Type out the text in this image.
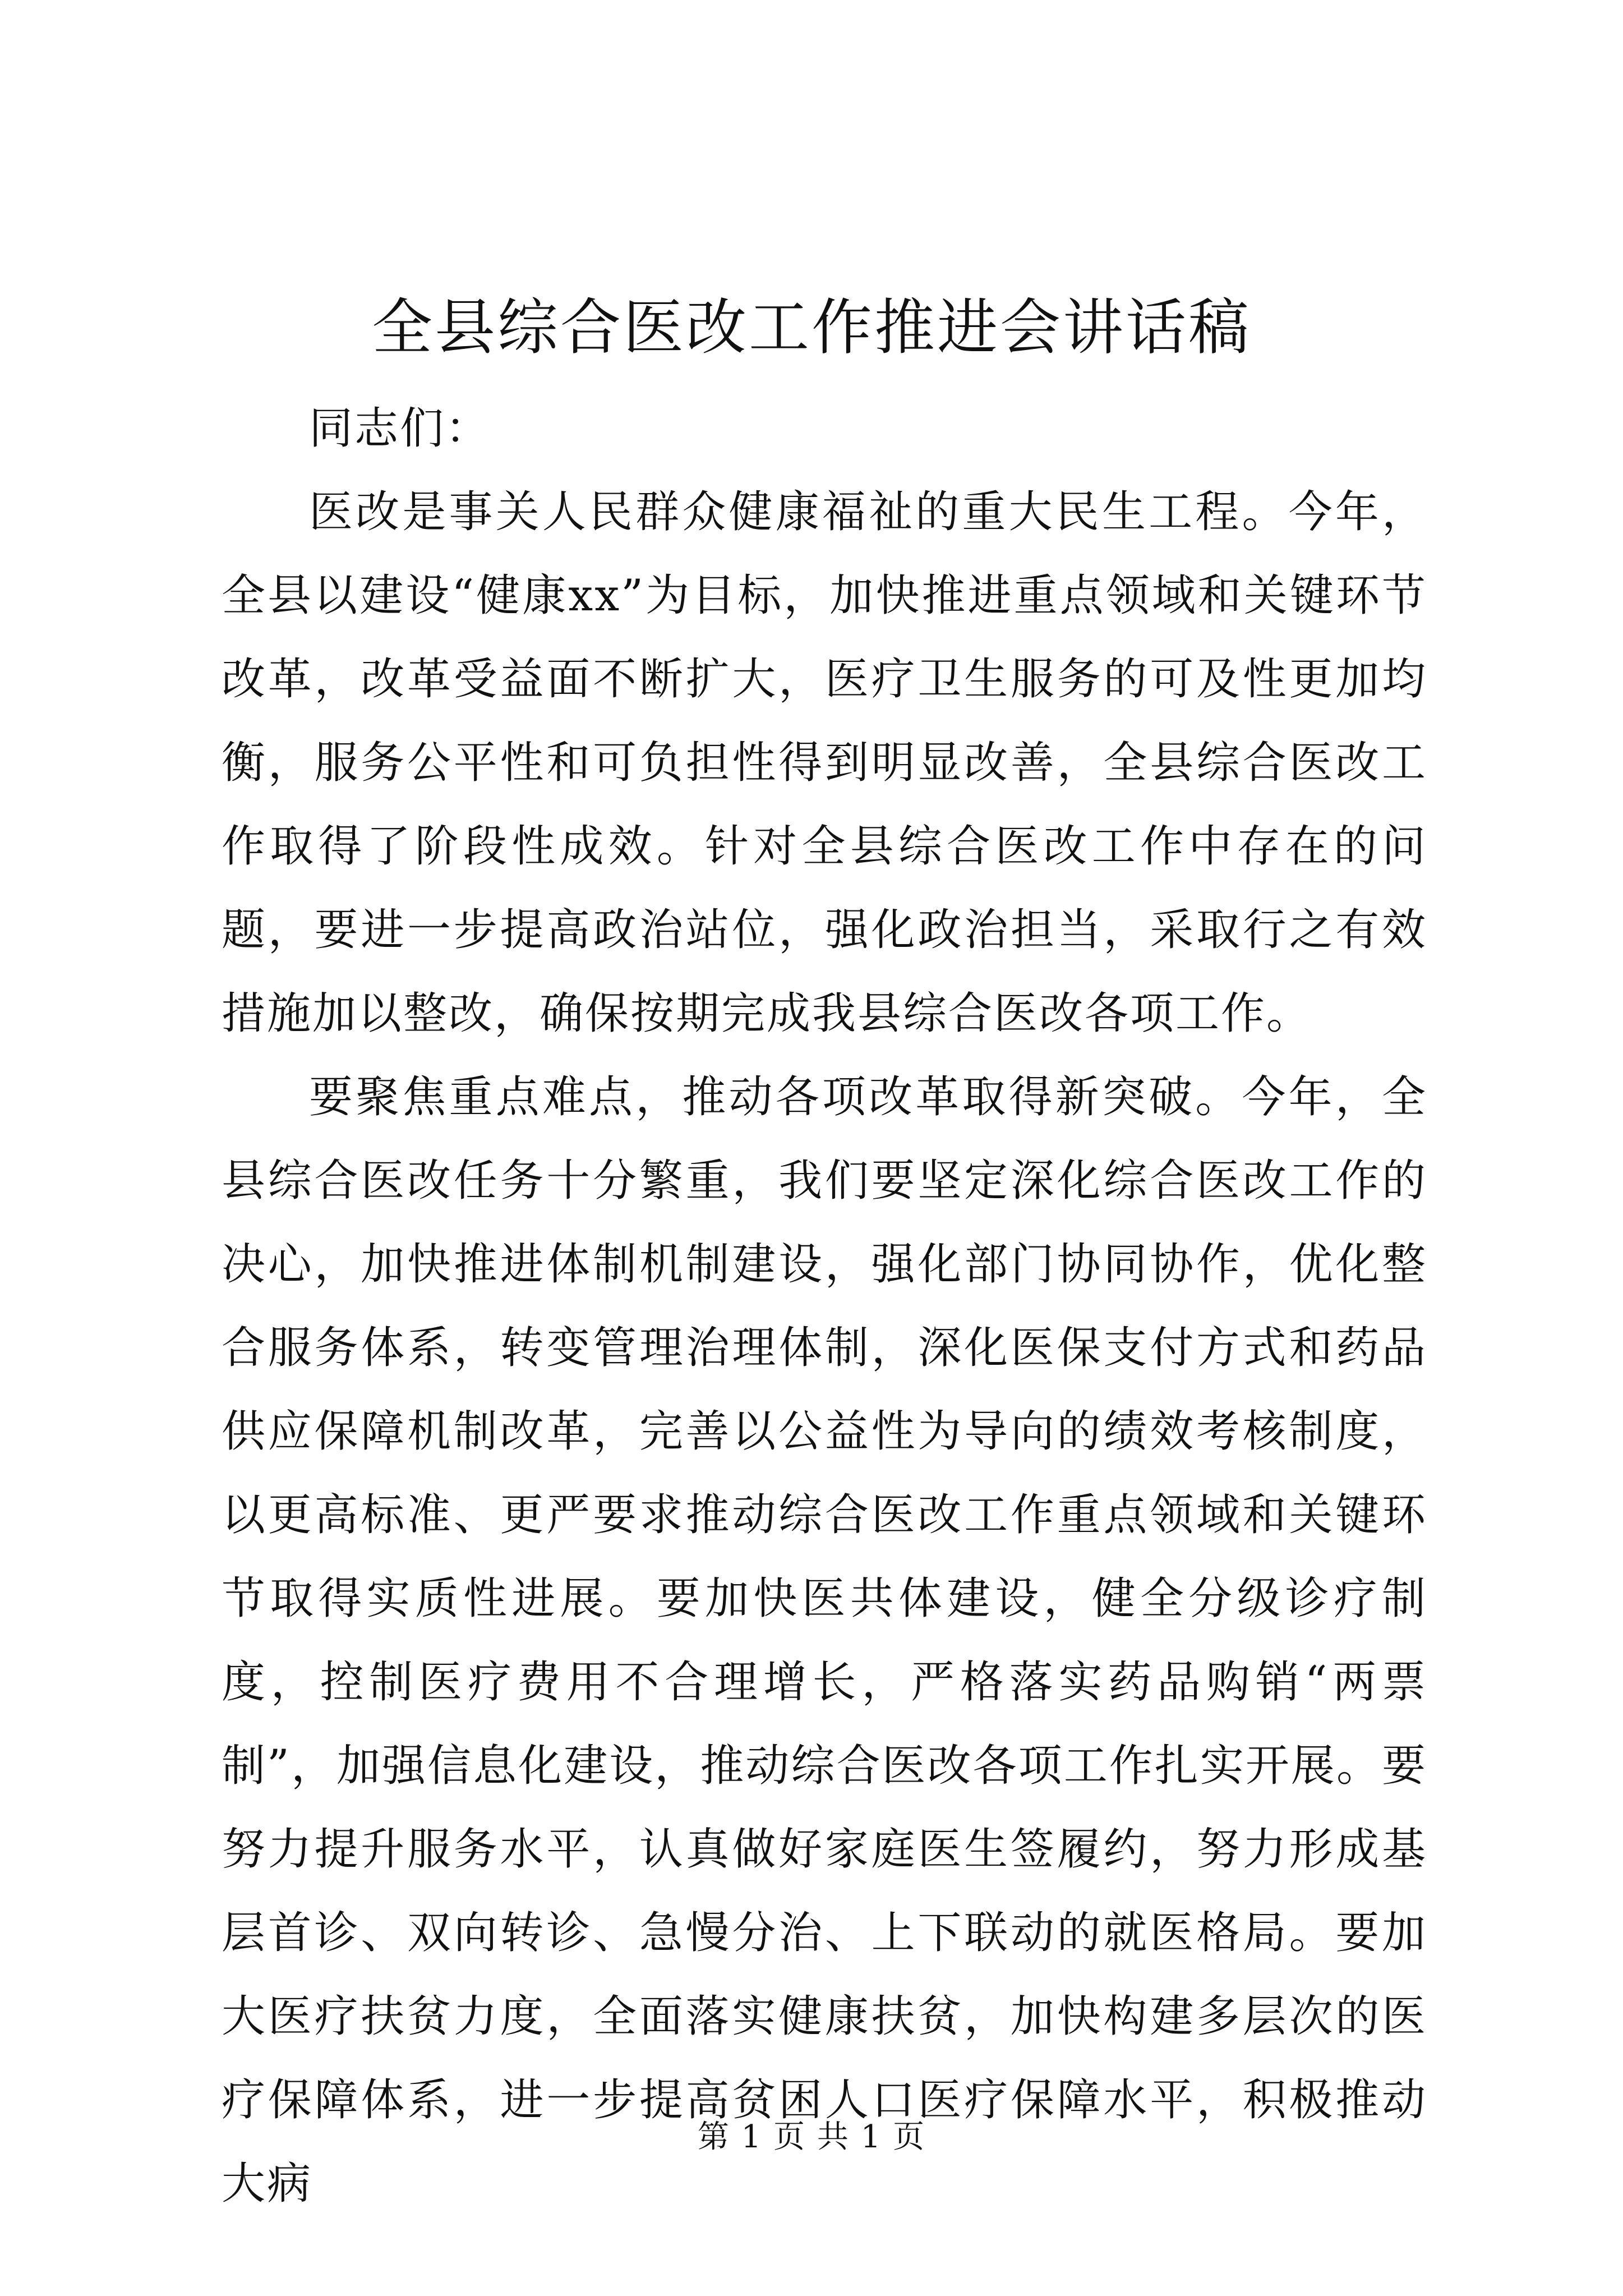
全县综合医改工作推进会讲话稿

同志们：

医改是事关人民群众健康福祉的重大民生工程。今年，全县以建设“健康xx”为目标，加快推进重点领域和关键环节改革，改革受益面不断扩大，医疗卫生服务的可及性更加均衡，服务公平性和可负担性得到明显改善，全县综合医改工作取得了阶段性成效。针对全县综合医改工作中存在的问题，要进一步提高政治站位，强化政治担当，采取行之有效措施加以整改，确保按期完成我县综合医改各项工作。

要聚焦重点难点，推动各项改革取得新突破。今年，全县综合医改任务十分繁重，我们要坚定深化综合医改工作的决心，加快推进体制机制建设，强化部门协同协作，优化整合服务体系，转变管理治理体制，深化医保支付方式和药品供应保障机制改革，完善以公益性为导向的绩效考核制度，以更高标准、更严要求推动综合医改工作重点领域和关键环节取得实质性进展。要加快医共体建设，健全分级诊疗制度，控制医疗费用不合理增长，严格落实药品购销“两票制”，加强信息化建设，推动综合医改各项工作扎实开展。要努力提升服务水平，认真做好家庭医生签履约，努力形成基层首诊、双向转诊、急慢分治、上下联动的就医格局。要加大医疗扶贫力度，全面落实健康扶贫，加快构建多层次的医疗保障体系，进一步提高贫困人口医疗保障水平，积极推动大病

第 1 页 共 1 页
